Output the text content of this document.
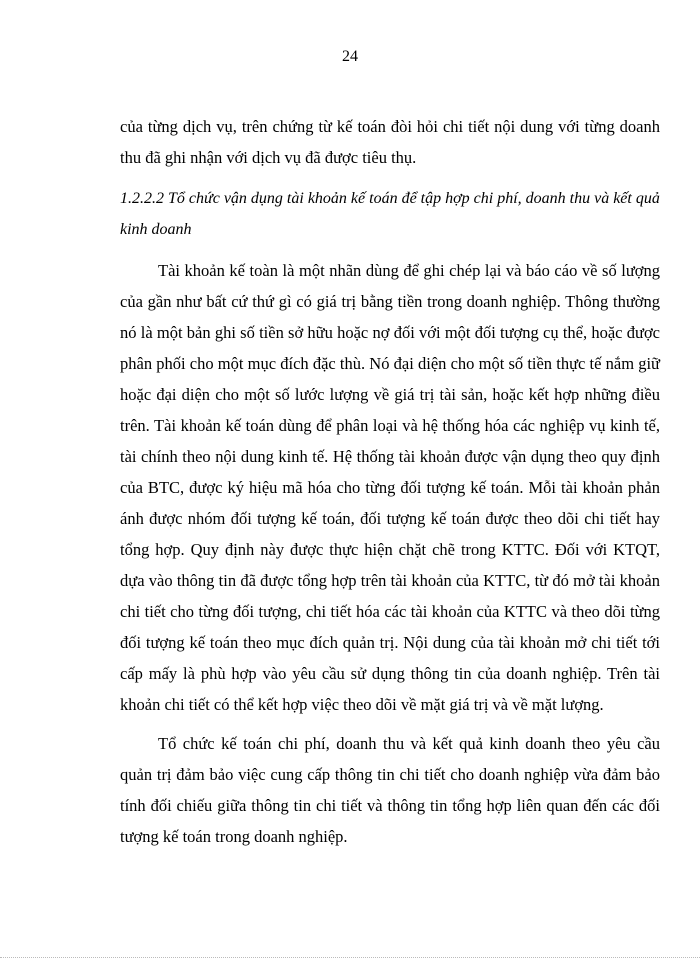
24

của từng dịch vụ, trên chứng từ kế toán đòi hỏi chi tiết nội dung với từng doanh thu đã ghi nhận với dịch vụ đã được tiêu thụ.

1.2.2.2 Tổ chức vận dụng tài khoản kế toán để tập hợp chi phí, doanh thu và kết quả kinh doanh

Tài khoản kế toàn là một nhãn dùng để ghi chép lại và báo cáo về số lượng của gần như bất cứ thứ gì có giá trị bằng tiền trong doanh nghiệp. Thông thường nó là một bản ghi số tiền sở hữu hoặc nợ đối với một đối tượng cụ thể, hoặc được phân phối cho một mục đích đặc thù. Nó đại diện cho một số tiền thực tế nắm giữ hoặc đại diện cho một số lước lượng về giá trị tài sản, hoặc kết hợp những điều trên. Tài khoản kế toán dùng để phân loại và hệ thống hóa các nghiệp vụ kinh tế, tài chính theo nội dung kinh tế. Hệ thống tài khoản được vận dụng theo quy định của BTC, được ký hiệu mã hóa cho từng đối tượng kế toán. Mỗi tài khoản phản ánh được nhóm đối tượng kế toán, đối tượng kế toán được theo dõi chi tiết hay tổng hợp. Quy định này được thực hiện chặt chẽ trong KTTC. Đối với KTQT, dựa vào thông tin đã được tổng hợp trên tài khoản của KTTC, từ đó mở tài khoản chi tiết cho từng đối tượng, chi tiết hóa các tài khoản của KTTC và theo dõi từng đối tượng kế toán theo mục đích quản trị. Nội dung của tài khoản mở chi tiết tới cấp mấy là phù hợp vào yêu cầu sử dụng thông tin của doanh nghiệp. Trên tài khoản chi tiết có thể kết hợp việc theo dõi về mặt giá trị và về mặt lượng.

Tổ chức kế toán chi phí, doanh thu và kết quả kinh doanh theo yêu cầu quản trị đảm bảo việc cung cấp thông tin chi tiết cho doanh nghiệp vừa đảm bảo tính đối chiếu giữa thông tin chi tiết và thông tin tổng hợp liên quan đến các đối tượng kế toán trong doanh nghiệp.
